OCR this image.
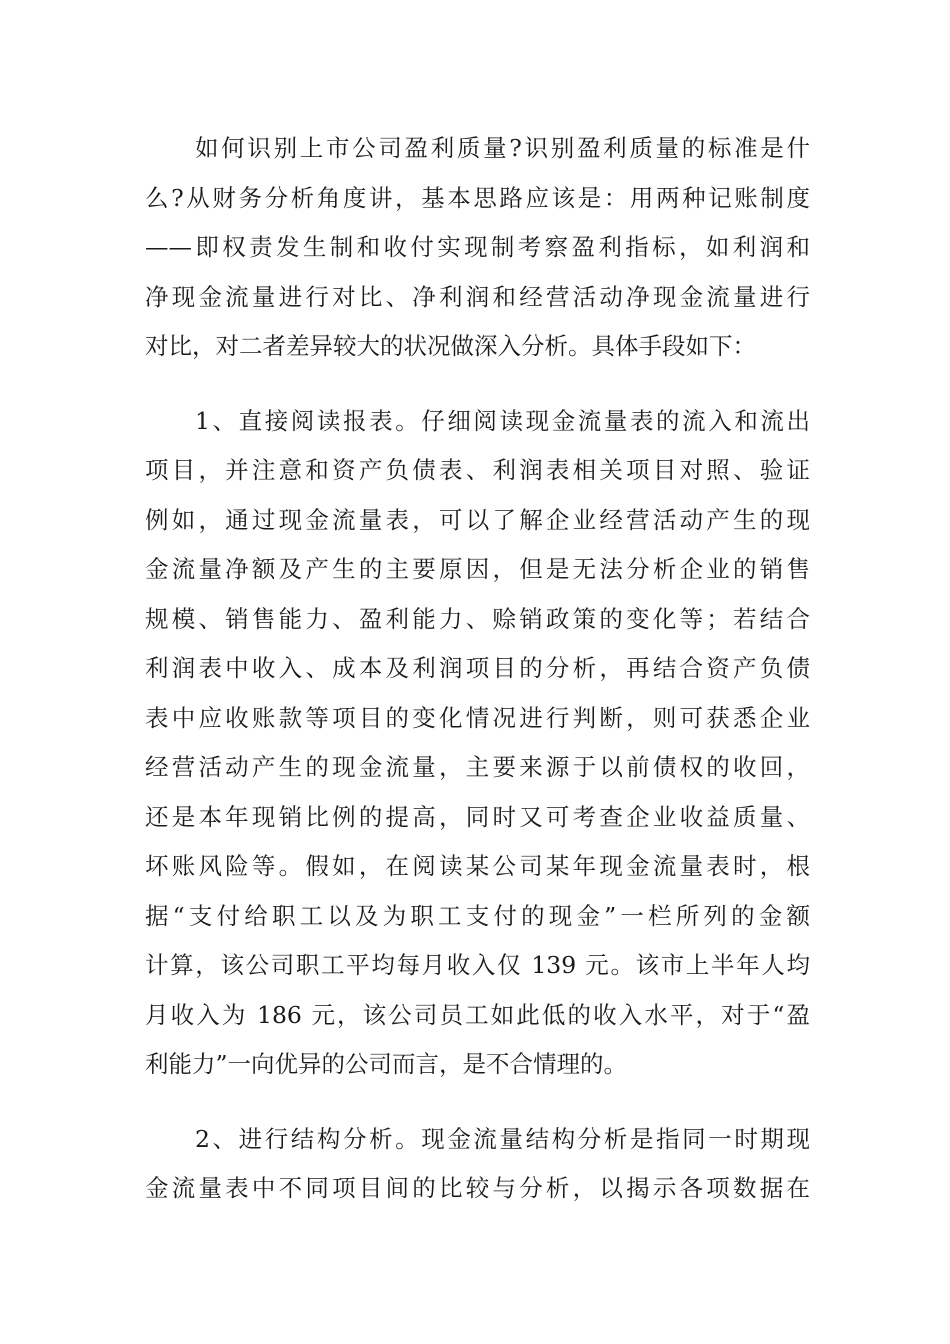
如何识别上市公司盈利质量?识别盈利质量的标准是什
么?从财务分析角度讲，基本思路应该是：用两种记账制度
——即权责发生制和收付实现制考察盈利指标，如利润和
净现金流量进行对比、净利润和经营活动净现金流量进行
对比，对二者差异较大的状况做深入分析。具体手段如下：
1、直接阅读报表。仔细阅读现金流量表的流入和流出
项目，并注意和资产负债表、利润表相关项目对照、验证
例如，通过现金流量表，可以了解企业经营活动产生的现
金流量净额及产生的主要原因，但是无法分析企业的销售
规模、销售能力、盈利能力、赊销政策的变化等；若结合
利润表中收入、成本及利润项目的分析，再结合资产负债
表中应收账款等项目的变化情况进行判断，则可获悉企业
经营活动产生的现金流量，主要来源于以前债权的收回，
还是本年现销比例的提高，同时又可考查企业收益质量、
坏账风险等。假如，在阅读某公司某年现金流量表时，根
据“支付给职工以及为职工支付的现金”一栏所列的金额
计算，该公司职工平均每月收入仅 139 元。该市上半年人均
月收入为 186 元，该公司员工如此低的收入水平，对于“盈
利能力”一向优异的公司而言，是不合情理的。
2、进行结构分析。现金流量结构分析是指同一时期现
金流量表中不同项目间的比较与分析，以揭示各项数据在
